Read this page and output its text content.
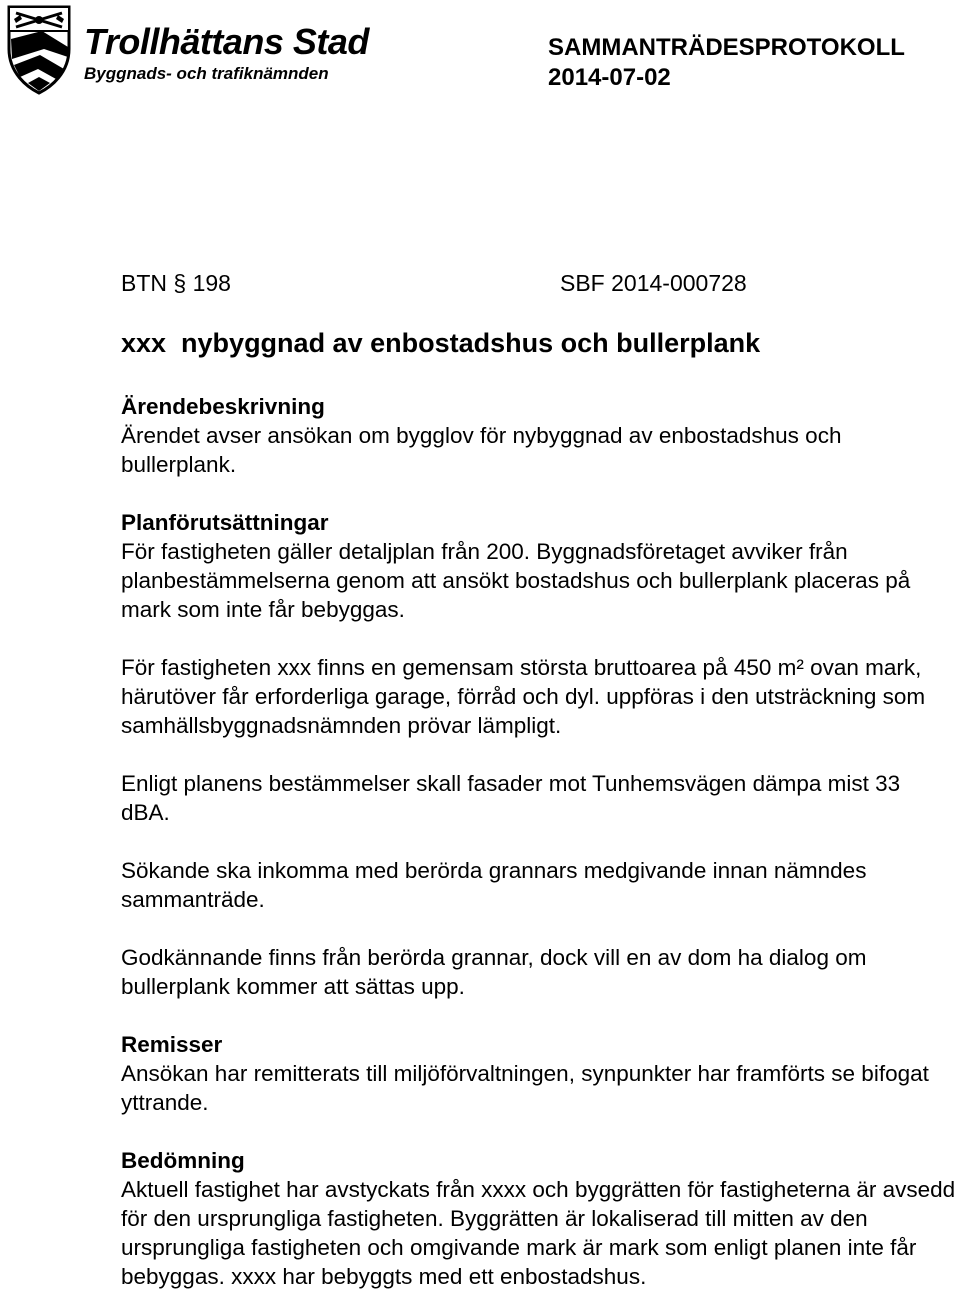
Trollhättans Stad
Byggnads- och trafiknämnden
SAMMANTRÄDESPROTOKOLL
2014-07-02
BTN § 198	SBF 2014-000728
xxx  nybyggnad av enbostadshus och bullerplank
Ärendebeskrivning

Ärendet avser ansökan om bygglov för nybyggnad av enbostadshus och bullerplank.

Planförutsättningar

För fastigheten gäller detaljplan från 200. Byggnadsföretaget avviker från planbestämmelserna genom att ansökt bostadshus och bullerplank placeras på mark som inte får bebyggas.

För fastigheten xxx finns en gemensam största bruttoarea på 450 m² ovan mark, härutöver får erforderliga garage, förråd och dyl. uppföras i den utsträckning som samhällsbyggnadsnämnden prövar lämpligt.

Enligt planens bestämmelser skall fasader mot Tunhemsvägen dämpa mist 33 dBA.

Sökande ska inkomma med berörda grannars medgivande innan nämndes sammanträde.

Godkännande finns från berörda grannar, dock vill en av dom ha dialog om bullerplank kommer att sättas upp.

Remisser

Ansökan har remitterats till miljöförvaltningen, synpunkter har framförts se bifogat yttrande.

Bedömning

Aktuell fastighet har avstyckats från xxxx och byggrätten för fastigheterna är avsedd för den ursprungliga fastigheten. Byggrätten är lokaliserad till mitten av den ursprungliga fastigheten och omgivande mark är mark som enligt planen inte får bebyggas. xxxx har bebyggts med ett enbostadshus.
